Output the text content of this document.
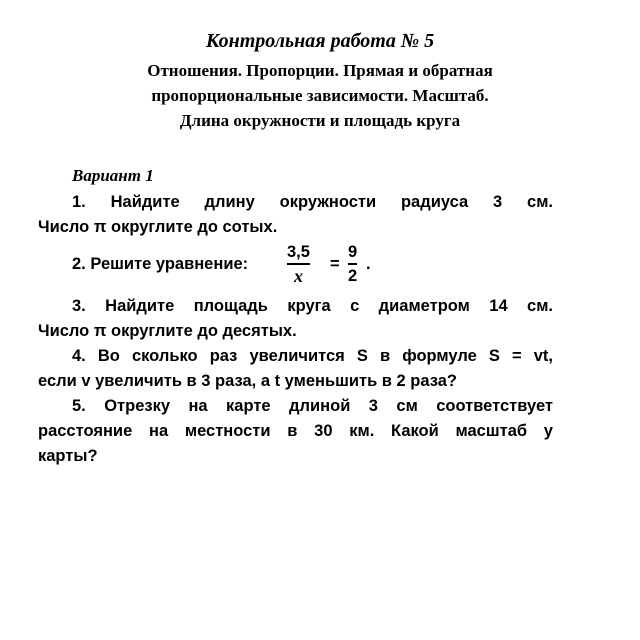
Контрольная работа № 5
Отношения. Пропорции. Прямая и обратная
пропорциональные зависимости. Масштаб.
Длина окружности и площадь круга
Вариант 1
1. Найдите длину окружности радиуса 3 см.
Число π округлите до сотых.
2. Решите уравнение:
3,5
x
=
9
2
.
3. Найдите площадь круга с диаметром 14 см.
Число π округлите до десятых.
4. Во сколько раз увеличится S в формуле S = vt,
если v увеличить в 3 раза, а t уменьшить в 2 раза?
5. Отрезку на карте длиной 3 см соответствует
расстояние на местности в 30 км. Какой масштаб у
карты?
